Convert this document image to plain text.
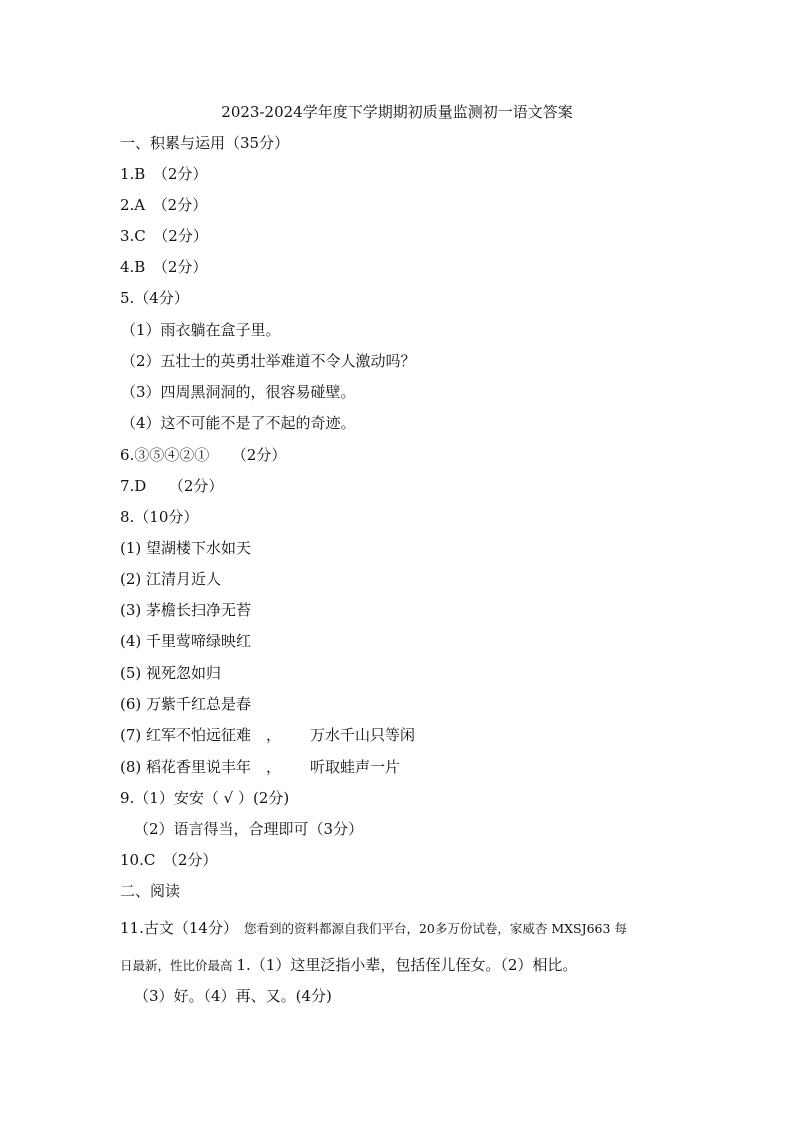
2023-2024学年度下学期期初质量监测初一语文答案
一、积累与运用（35分）
1.B　（2分）
2.A　（2分）
3.C　（2分）
4.B　（2分）
5.（4分）
（1）雨衣躺在盒子里。
（2）五壮士的英勇壮举难道不令人激动吗？
（3）四周黑洞洞的，很容易碰壁。
（4）这不可能不是了不起的奇迹。
6.③⑤④②①　　（2分）
7.D　　（2分）
8.（10分）
(1) 望湖楼下水如天
(2) 江清月近人
(3) 茅檐长扫净无苔
(4) 千里莺啼绿映红
(5) 视死忽如归
(6) 万紫千红总是春
(7) 红军不怕远征难　， 万水千山只等闲
(8) 稻花香里说丰年　， 听取蛙声一片
9.（1）安安（ √ ）(2分)
（2）语言得当，合理即可（3分）
10.C　（2分）
二、阅读
11.古文（14分） 您看到的资料都源自我们平台，20多万份试卷，家威杏 MXSJ663 每
日最新，性比价最高 1.（1）这里泛指小辈，包括侄儿侄女。（2）相比。
（3）好。（4）再、又。(4分)
